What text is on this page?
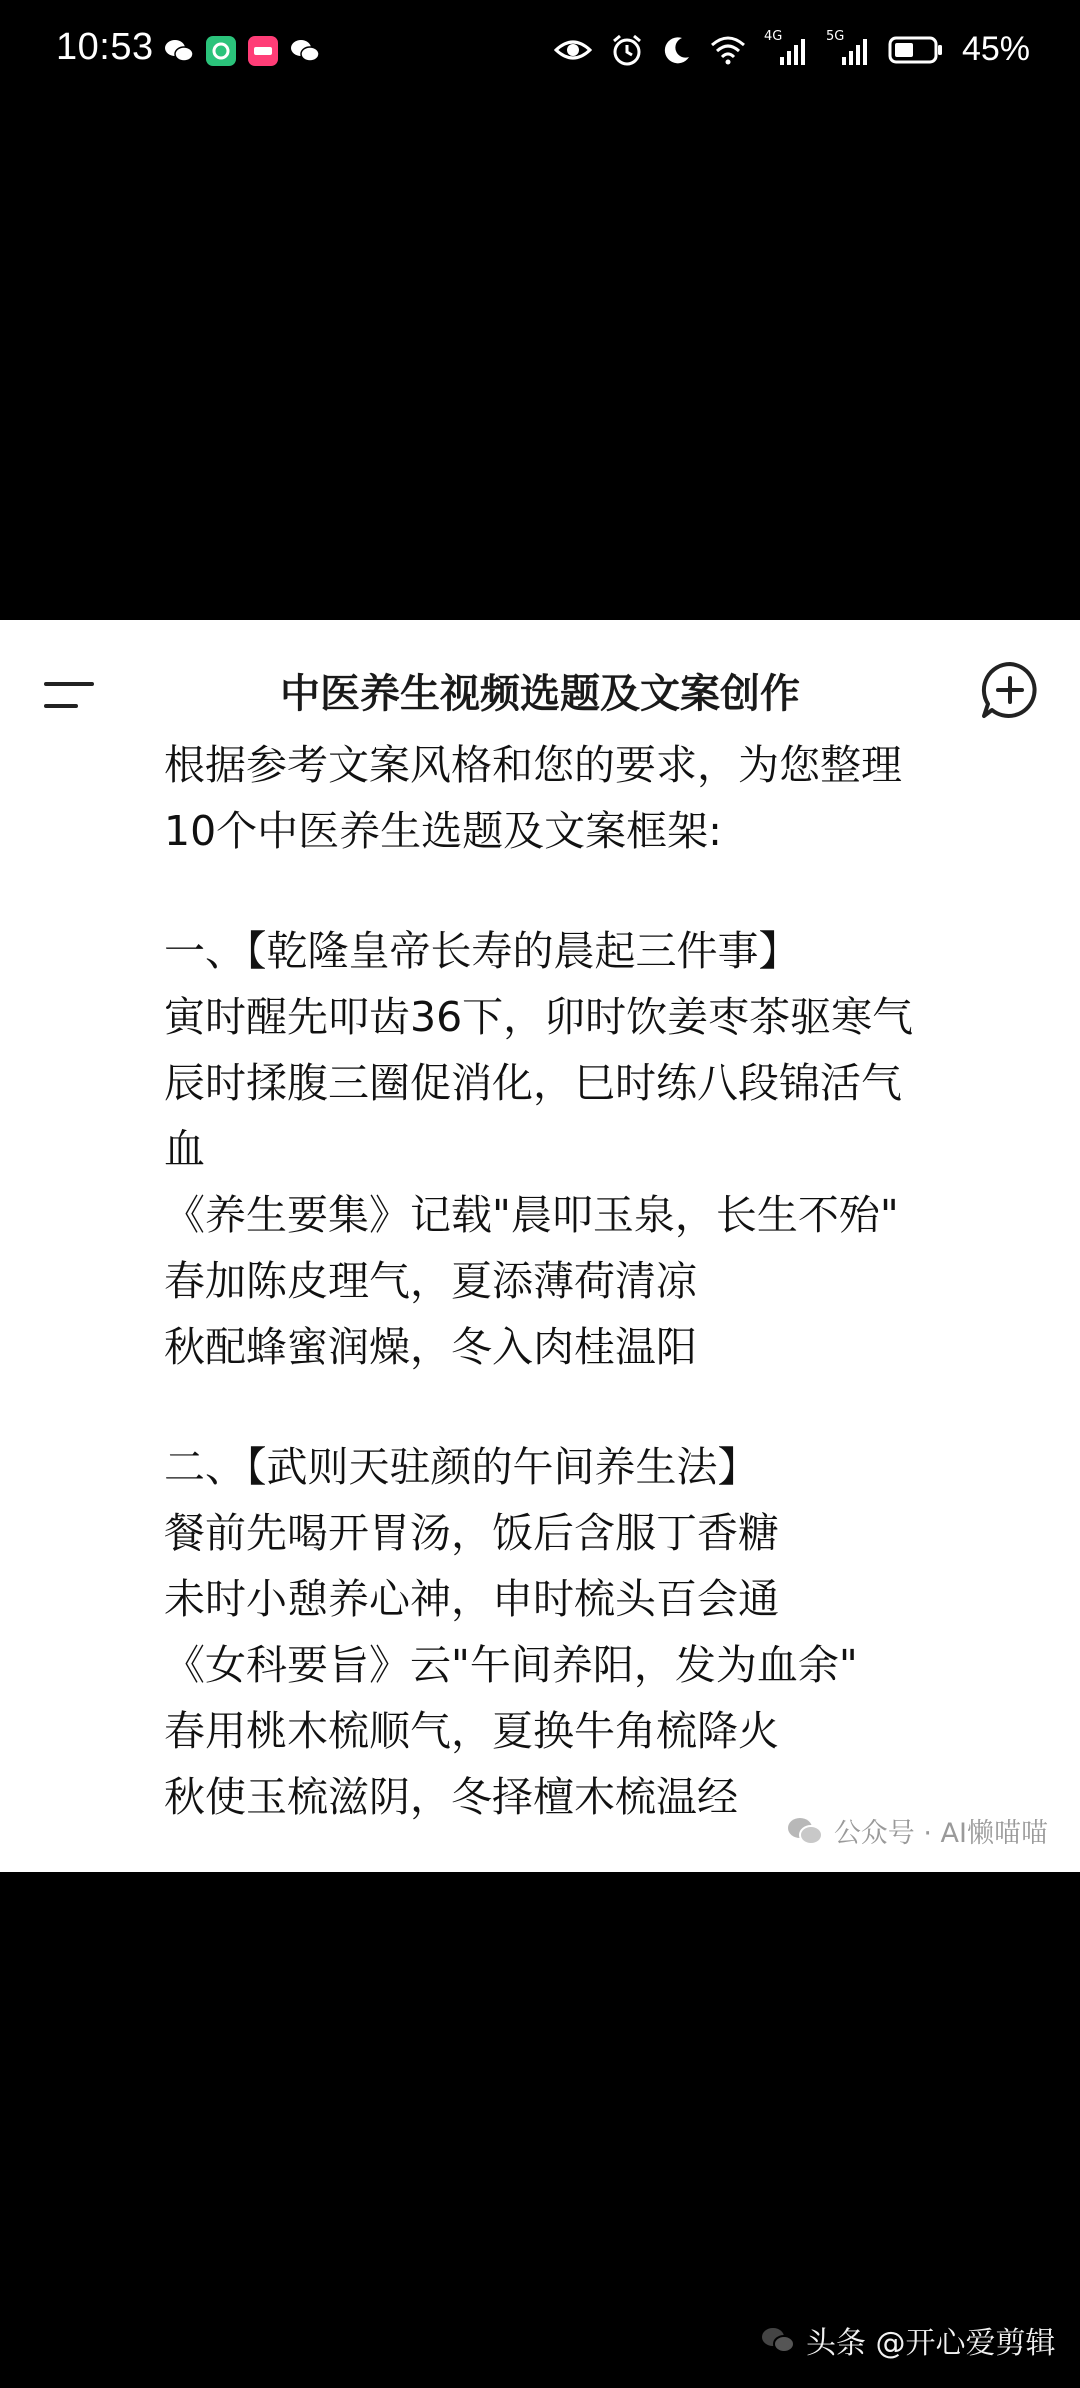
10:53	4G	5G	45%
中医养生视频选题及文案创作
根据参考文案风格和您的要求，为您整理
10个中医养生选题及文案框架:
一、【乾隆皇帝长寿的晨起三件事】
寅时醒先叩齿36下，卯时饮姜枣茶驱寒气
辰时揉腹三圈促消化，巳时练八段锦活气
血
《养生要集》记载"晨叩玉泉，长生不殆"
春加陈皮理气，夏添薄荷清凉
秋配蜂蜜润燥，冬入肉桂温阳
二、【武则天驻颜的午间养生法】
餐前先喝开胃汤，饭后含服丁香糖
未时小憩养心神，申时梳头百会通
《女科要旨》云"午间养阳，发为血余"
春用桃木梳顺气，夏换牛角梳降火
秋使玉梳滋阴，冬择檀木梳温经
公众号 · AI懒喵喵
头条 @开心爱剪辑
